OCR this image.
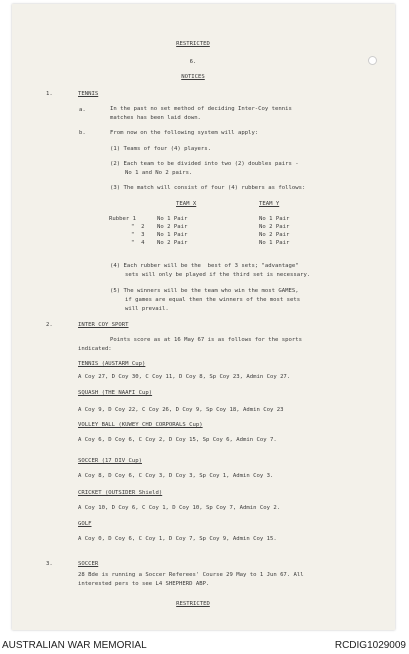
RESTRICTED
6.
NOTICES
1.	TENNIS
a.	In the past no set method of deciding Inter-Coy tennis
matches has been laid down.
b.	From now on the following system will apply:
(1) Teams of four (4) players.
(2) Each team to be divided into two (2) doubles pairs -
No 1 and No 2 pairs.
(3) The match will consist of four (4) rubbers as follows:
TEAM X	TEAM Y
Rubber 1	No 1 Pair	No 1 Pair
"  2 No 2 Pair	No 2 Pair
"  3 No 1 Pair	No 2 Pair
"  4 No 2 Pair	No 1 Pair
(4) Each rubber will be the  best of 3 sets; "advantage"
sets will only be played if the third set is necessary.
(5) The winners will be the team who win the most GAMES,
if games are equal then the winners of the most sets
will prevail.
2.	INTER COY SPORT
Points score as at 16 May 67 is as follows for the sports
indicated:
TENNIS (AUSTARM Cup)
A Coy 27, D Coy 30, C Coy 11, D Coy 8, Sp Coy 23, Admin Coy 27.
SQUASH (THE NAAFI Cup)
A Coy 9, D Coy 22, C Coy 26, D Coy 9, Sp Coy 18, Admin Coy 23
VOLLEY BALL (KUWEY CHD CORPORALS Cup)
A Coy 6, D Coy 6, C Coy 2, D Coy 15, Sp Coy 6, Admin Coy 7.
SOCCER (17 DIV Cup)
A Coy 8, D Coy 6, C Coy 3, D Coy 3, Sp Coy 1, Admin Coy 3.
CRICKET (OUTSIDER Shield)
A Coy 10, D Coy 6, C Coy 1, D Coy 10, Sp Coy 7, Admin Coy 2.
GOLF
A Coy 0, D Coy 6, C Coy 1, D Coy 7, Sp Coy 9, Admin Coy 15.
3.	SOCCER
28 Bde is running a Soccer Referees' Course 29 May to 1 Jun 67. All
interested pers to see L4 SHEPHERD ABP.
RESTRICTED
AUSTRALIAN WAR MEMORIAL	RCDIG1029009
